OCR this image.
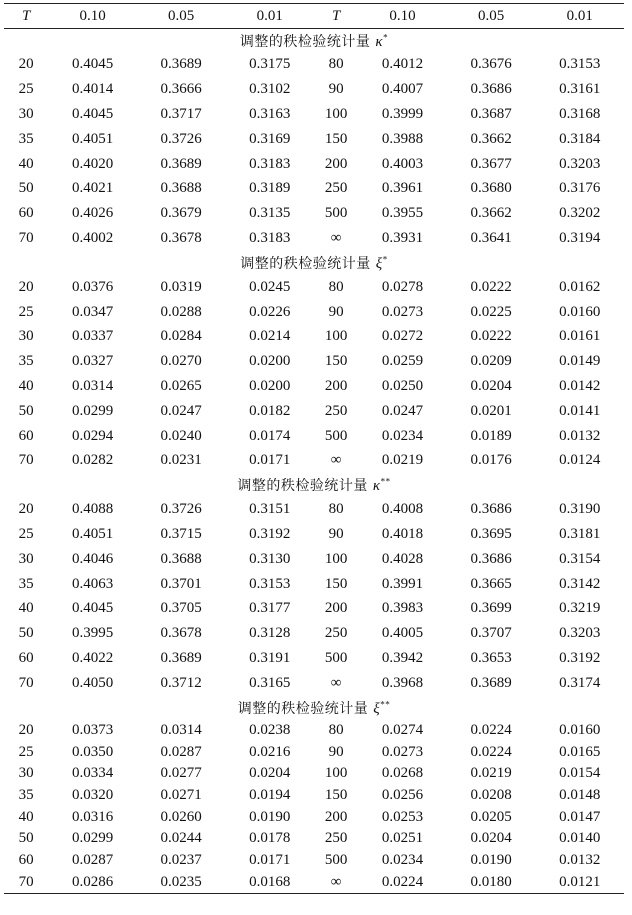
T	0.10	0.05	0.01	T	0.10	0.05	0.01
调整的秩检验统计量 κ*
20	0.4045	0.3689	0.3175	80	0.4012	0.3676	0.3153
25	0.4014	0.3666	0.3102	90	0.4007	0.3686	0.3161
30	0.4045	0.3717	0.3163	100	0.3999	0.3687	0.3168
35	0.4051	0.3726	0.3169	150	0.3988	0.3662	0.3184
40	0.4020	0.3689	0.3183	200	0.4003	0.3677	0.3203
50	0.4021	0.3688	0.3189	250	0.3961	0.3680	0.3176
60	0.4026	0.3679	0.3135	500	0.3955	0.3662	0.3202
70	0.4002	0.3678	0.3183	∞	0.3931	0.3641	0.3194
调整的秩检验统计量 ξ*
20	0.0376	0.0319	0.0245	80	0.0278	0.0222	0.0162
25	0.0347	0.0288	0.0226	90	0.0273	0.0225	0.0160
30	0.0337	0.0284	0.0214	100	0.0272	0.0222	0.0161
35	0.0327	0.0270	0.0200	150	0.0259	0.0209	0.0149
40	0.0314	0.0265	0.0200	200	0.0250	0.0204	0.0142
50	0.0299	0.0247	0.0182	250	0.0247	0.0201	0.0141
60	0.0294	0.0240	0.0174	500	0.0234	0.0189	0.0132
70	0.0282	0.0231	0.0171	∞	0.0219	0.0176	0.0124
调整的秩检验统计量 κ**
20	0.4088	0.3726	0.3151	80	0.4008	0.3686	0.3190
25	0.4051	0.3715	0.3192	90	0.4018	0.3695	0.3181
30	0.4046	0.3688	0.3130	100	0.4028	0.3686	0.3154
35	0.4063	0.3701	0.3153	150	0.3991	0.3665	0.3142
40	0.4045	0.3705	0.3177	200	0.3983	0.3699	0.3219
50	0.3995	0.3678	0.3128	250	0.4005	0.3707	0.3203
60	0.4022	0.3689	0.3191	500	0.3942	0.3653	0.3192
70	0.4050	0.3712	0.3165	∞	0.3968	0.3689	0.3174
调整的秩检验统计量 ξ**
20	0.0373	0.0314	0.0238	80	0.0274	0.0224	0.0160
25	0.0350	0.0287	0.0216	90	0.0273	0.0224	0.0165
30	0.0334	0.0277	0.0204	100	0.0268	0.0219	0.0154
35	0.0320	0.0271	0.0194	150	0.0256	0.0208	0.0148
40	0.0316	0.0260	0.0190	200	0.0253	0.0205	0.0147
50	0.0299	0.0244	0.0178	250	0.0251	0.0204	0.0140
60	0.0287	0.0237	0.0171	500	0.0234	0.0190	0.0132
70	0.0286	0.0235	0.0168	∞	0.0224	0.0180	0.0121
